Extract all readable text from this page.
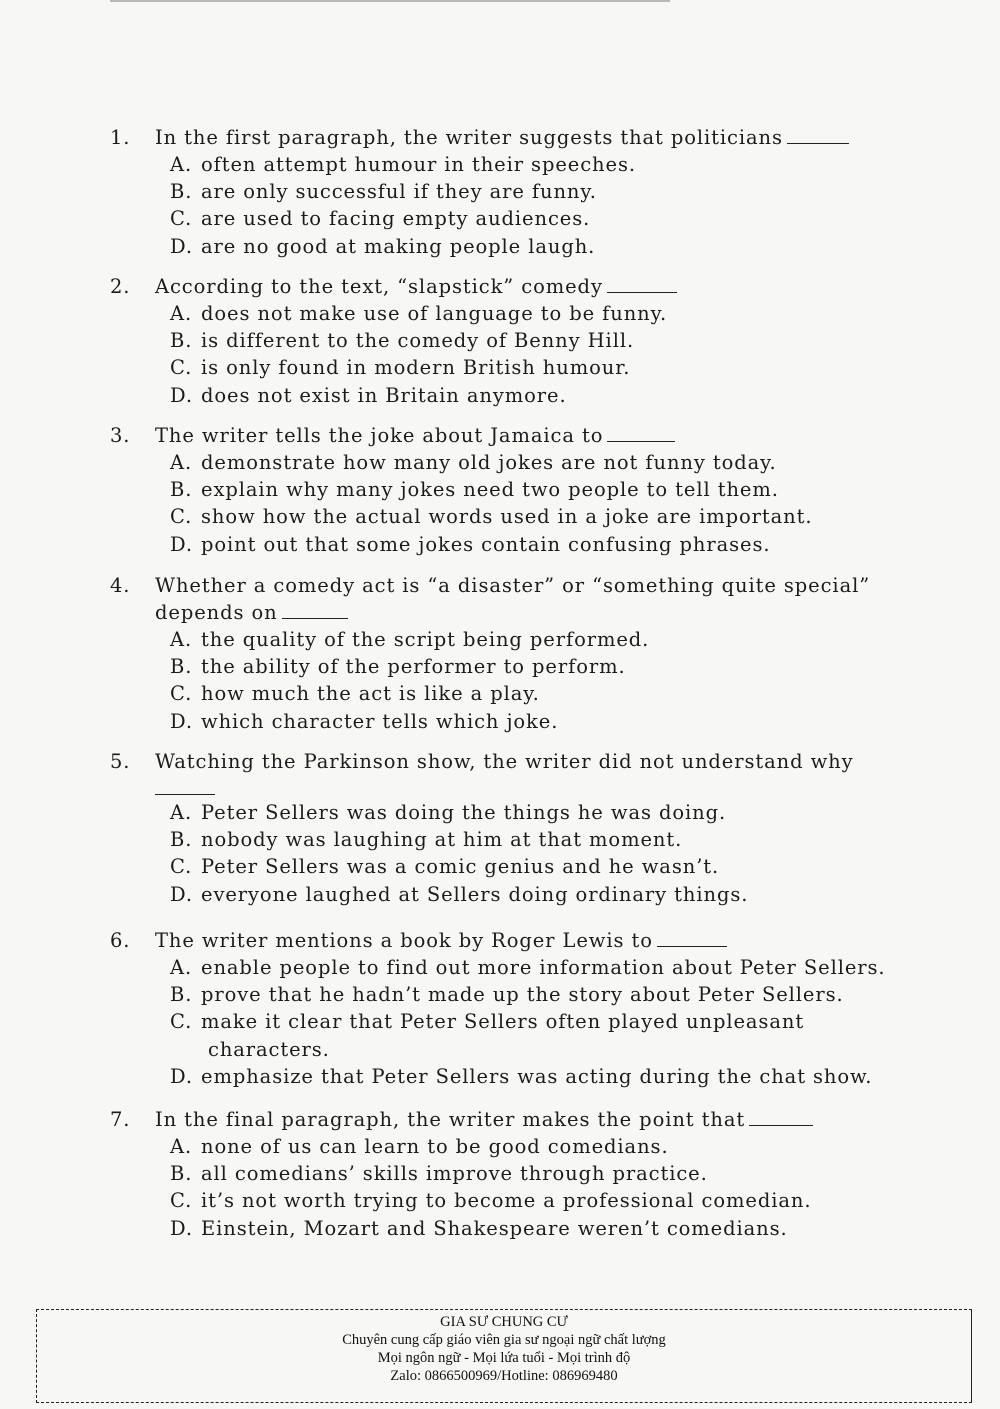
1. In the first paragraph, the writer suggests that politicians
A. often attempt humour in their speeches.
B. are only successful if they are funny.
C. are used to facing empty audiences.
D. are no good at making people laugh.
2. According to the text, “slapstick” comedy
A. does not make use of language to be funny.
B. is different to the comedy of Benny Hill.
C. is only found in modern British humour.
D. does not exist in Britain anymore.
3. The writer tells the joke about Jamaica to
A. demonstrate how many old jokes are not funny today.
B. explain why many jokes need two people to tell them.
C. show how the actual words used in a joke are important.
D. point out that some jokes contain confusing phrases.
4. Whether a comedy act is “a disaster” or “something quite special”
depends on
A. the quality of the script being performed.
B. the ability of the performer to perform.
C. how much the act is like a play.
D. which character tells which joke.
5. Watching the Parkinson show, the writer did not understand why
A. Peter Sellers was doing the things he was doing.
B. nobody was laughing at him at that moment.
C. Peter Sellers was a comic genius and he wasn’t.
D. everyone laughed at Sellers doing ordinary things.
6. The writer mentions a book by Roger Lewis to
A. enable people to find out more information about Peter Sellers.
B. prove that he hadn’t made up the story about Peter Sellers.
C. make it clear that Peter Sellers often played unpleasant
characters.
D. emphasize that Peter Sellers was acting during the chat show.
7. In the final paragraph, the writer makes the point that
A. none of us can learn to be good comedians.
B. all comedians’ skills improve through practice.
C. it’s not worth trying to become a professional comedian.
D. Einstein, Mozart and Shakespeare weren’t comedians.
GIA SƯ CHUNG CƯ
Chuyên cung cấp giáo viên gia sư ngoại ngữ chất lượng
Mọi ngôn ngữ - Mọi lứa tuổi - Mọi trình độ
Zalo: 0866500969/Hotline: 086969480
